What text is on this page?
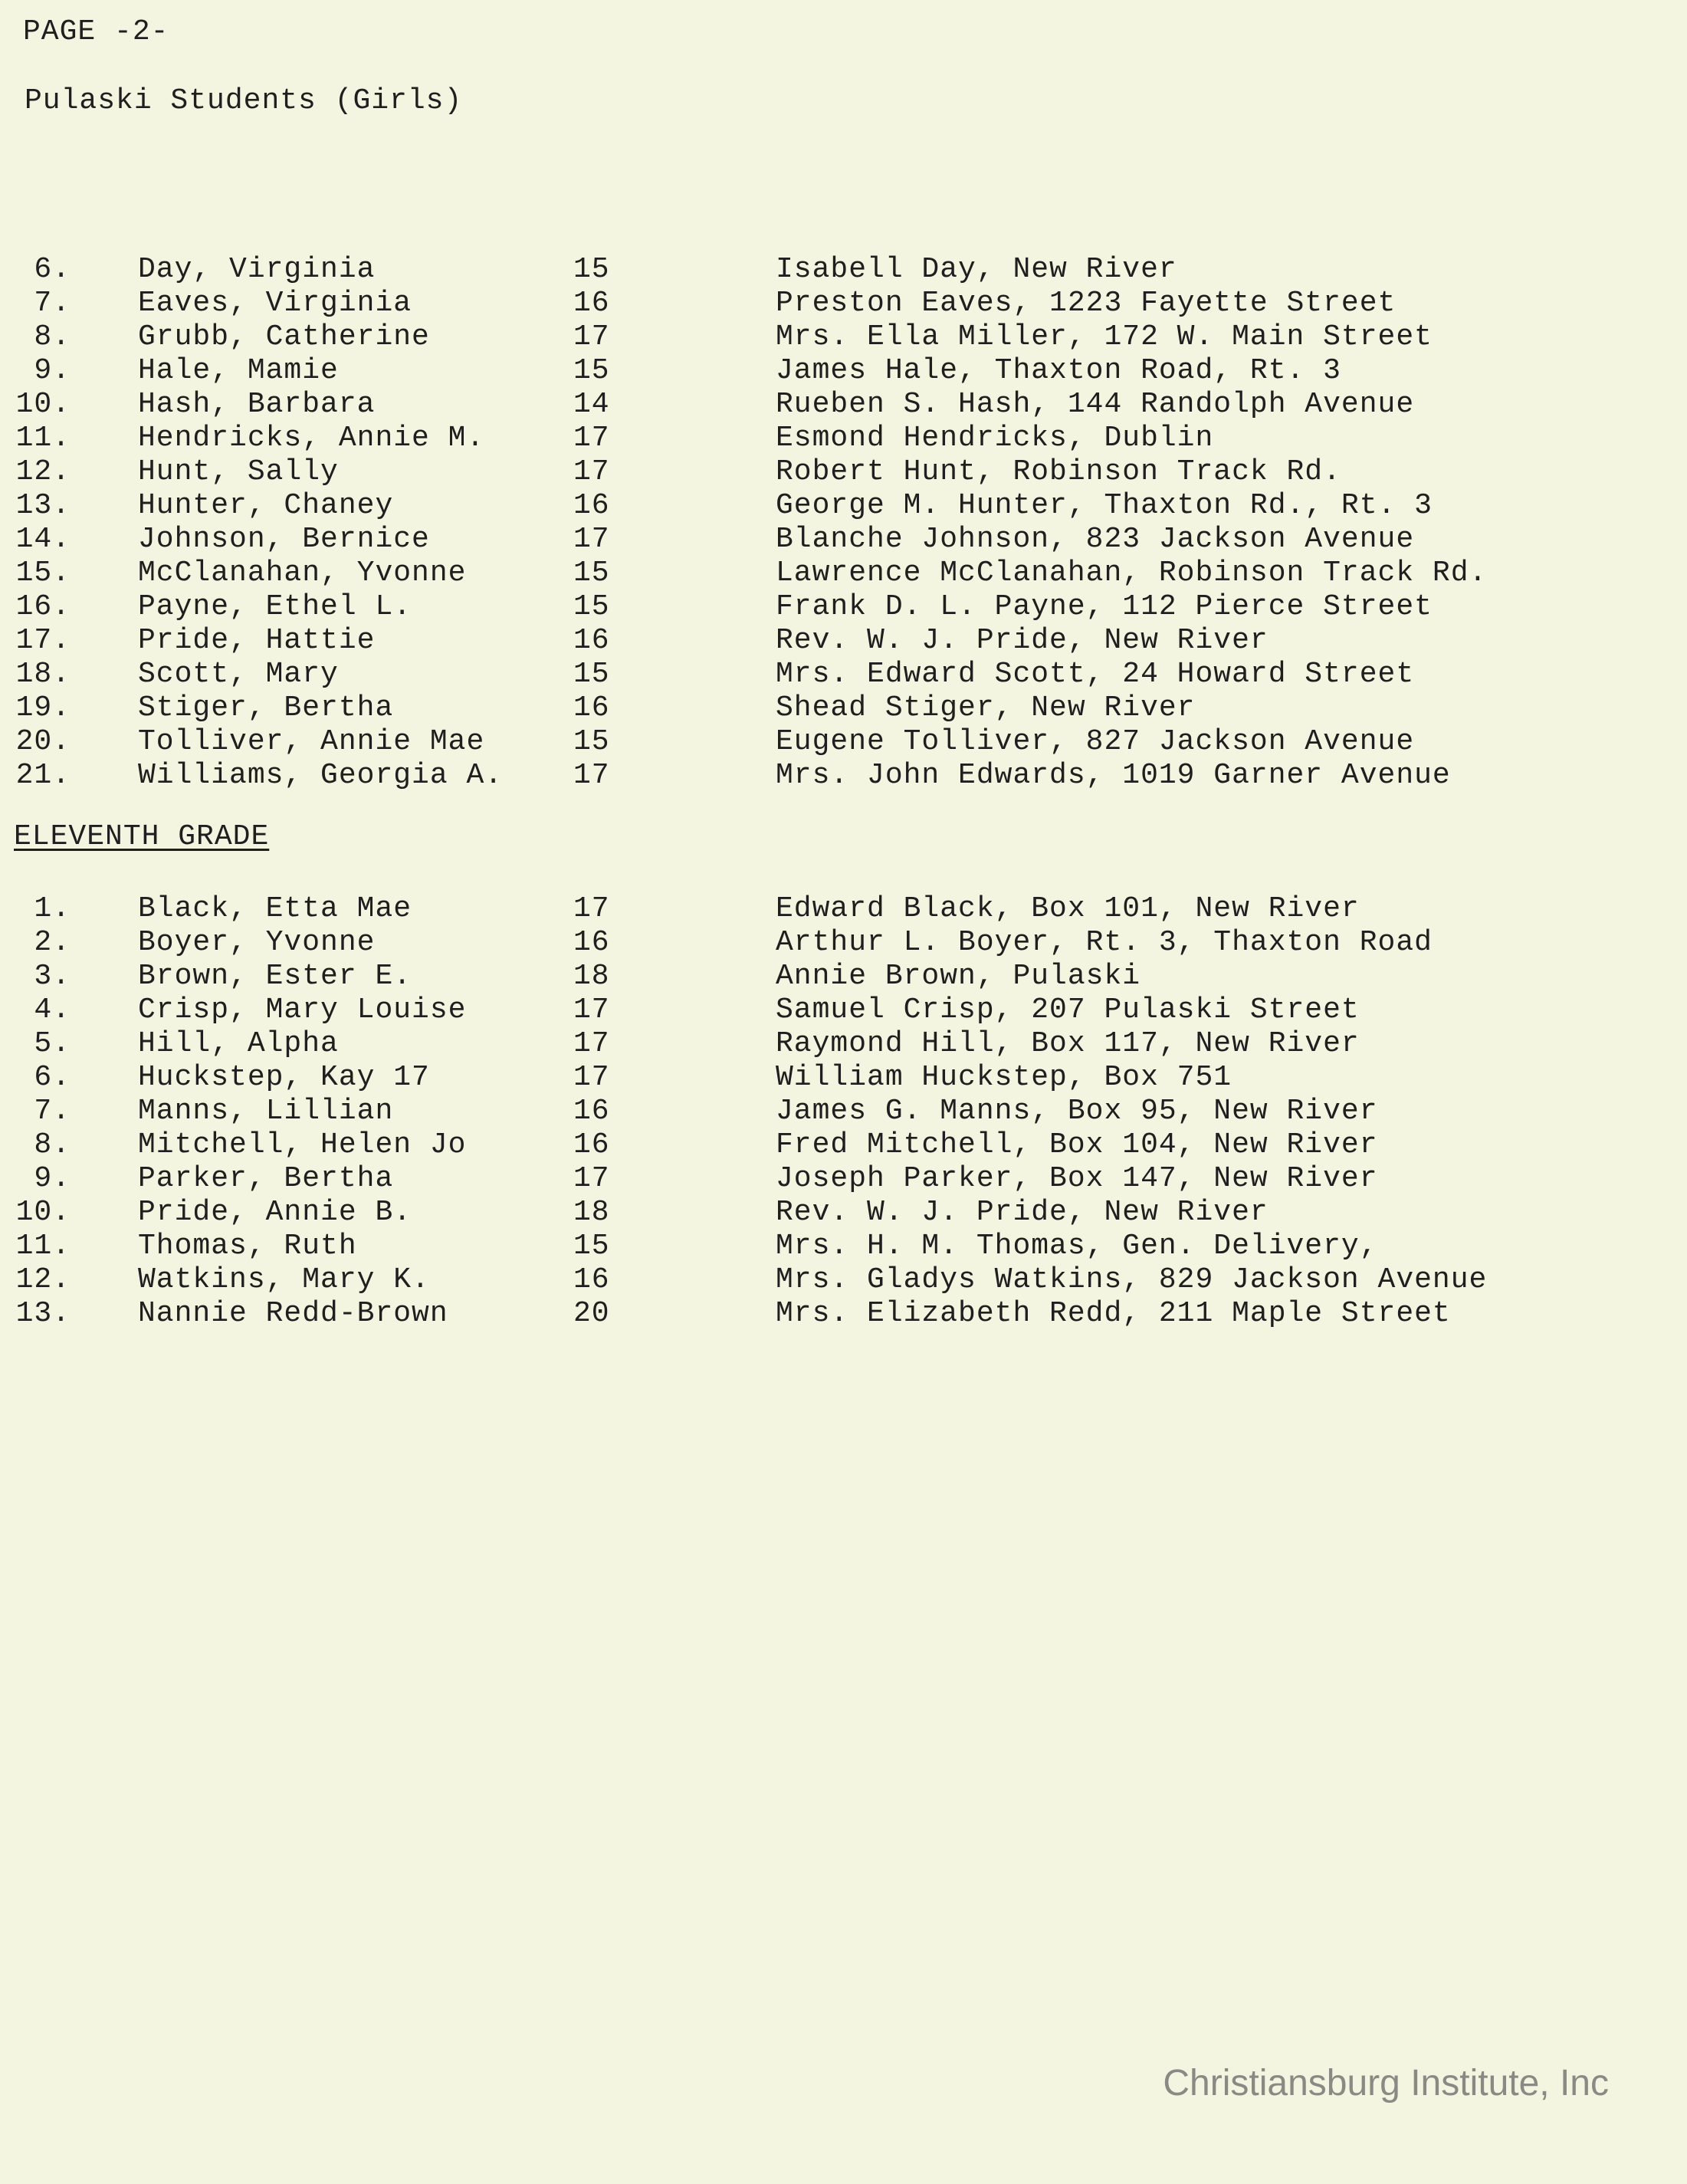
PAGE -2-
Pulaski Students (Girls)
6. Day, Virginia	15	Isabell Day, New River
7. Eaves, Virginia	16	Preston Eaves, 1223 Fayette Street
8. Grubb, Catherine	17	Mrs. Ella Miller, 172 W. Main Street
9. Hale, Mamie	15	James Hale, Thaxton Road, Rt. 3
10. Hash, Barbara	14	Rueben S. Hash, 144 Randolph Avenue
11. Hendricks, Annie M.	17	Esmond Hendricks, Dublin
12. Hunt, Sally	17	Robert Hunt, Robinson Track Rd.
13. Hunter, Chaney	16	George M. Hunter, Thaxton Rd., Rt. 3
14. Johnson, Bernice	17	Blanche Johnson, 823 Jackson Avenue
15. McClanahan, Yvonne	15	Lawrence McClanahan, Robinson Track Rd.
16. Payne, Ethel L.	15	Frank D. L. Payne, 112 Pierce Street
17. Pride, Hattie	16	Rev. W. J. Pride, New River
18. Scott, Mary	15	Mrs. Edward Scott, 24 Howard Street
19. Stiger, Bertha	16	Shead Stiger, New River
20. Tolliver, Annie Mae	15	Eugene Tolliver, 827 Jackson Avenue
21. Williams, Georgia A. 17	Mrs. John Edwards, 1019 Garner Avenue
ELEVENTH GRADE
1. Black, Etta Mae	17	Edward Black, Box 101, New River
2. Boyer, Yvonne	16	Arthur L. Boyer, Rt. 3, Thaxton Road
3. Brown, Ester E.	18	Annie Brown, Pulaski
4. Crisp, Mary Louise	17	Samuel Crisp, 207 Pulaski Street
5. Hill, Alpha	17	Raymond Hill, Box 117, New River
6. Huckstep, Kay 17	17	William Huckstep, Box 751
7. Manns, Lillian	16	James G. Manns, Box 95, New River
8. Mitchell, Helen Jo	16	Fred Mitchell, Box 104, New River
9. Parker, Bertha	17	Joseph Parker, Box 147, New River
10. Pride, Annie B.	18	Rev. W. J. Pride, New River
11. Thomas, Ruth	15	Mrs. H. M. Thomas, Gen. Delivery,
12. Watkins, Mary K.	16	Mrs. Gladys Watkins, 829 Jackson Avenue
13. Nannie Redd-Brown	20	Mrs. Elizabeth Redd, 211 Maple Street
Christiansburg Institute, Inc
